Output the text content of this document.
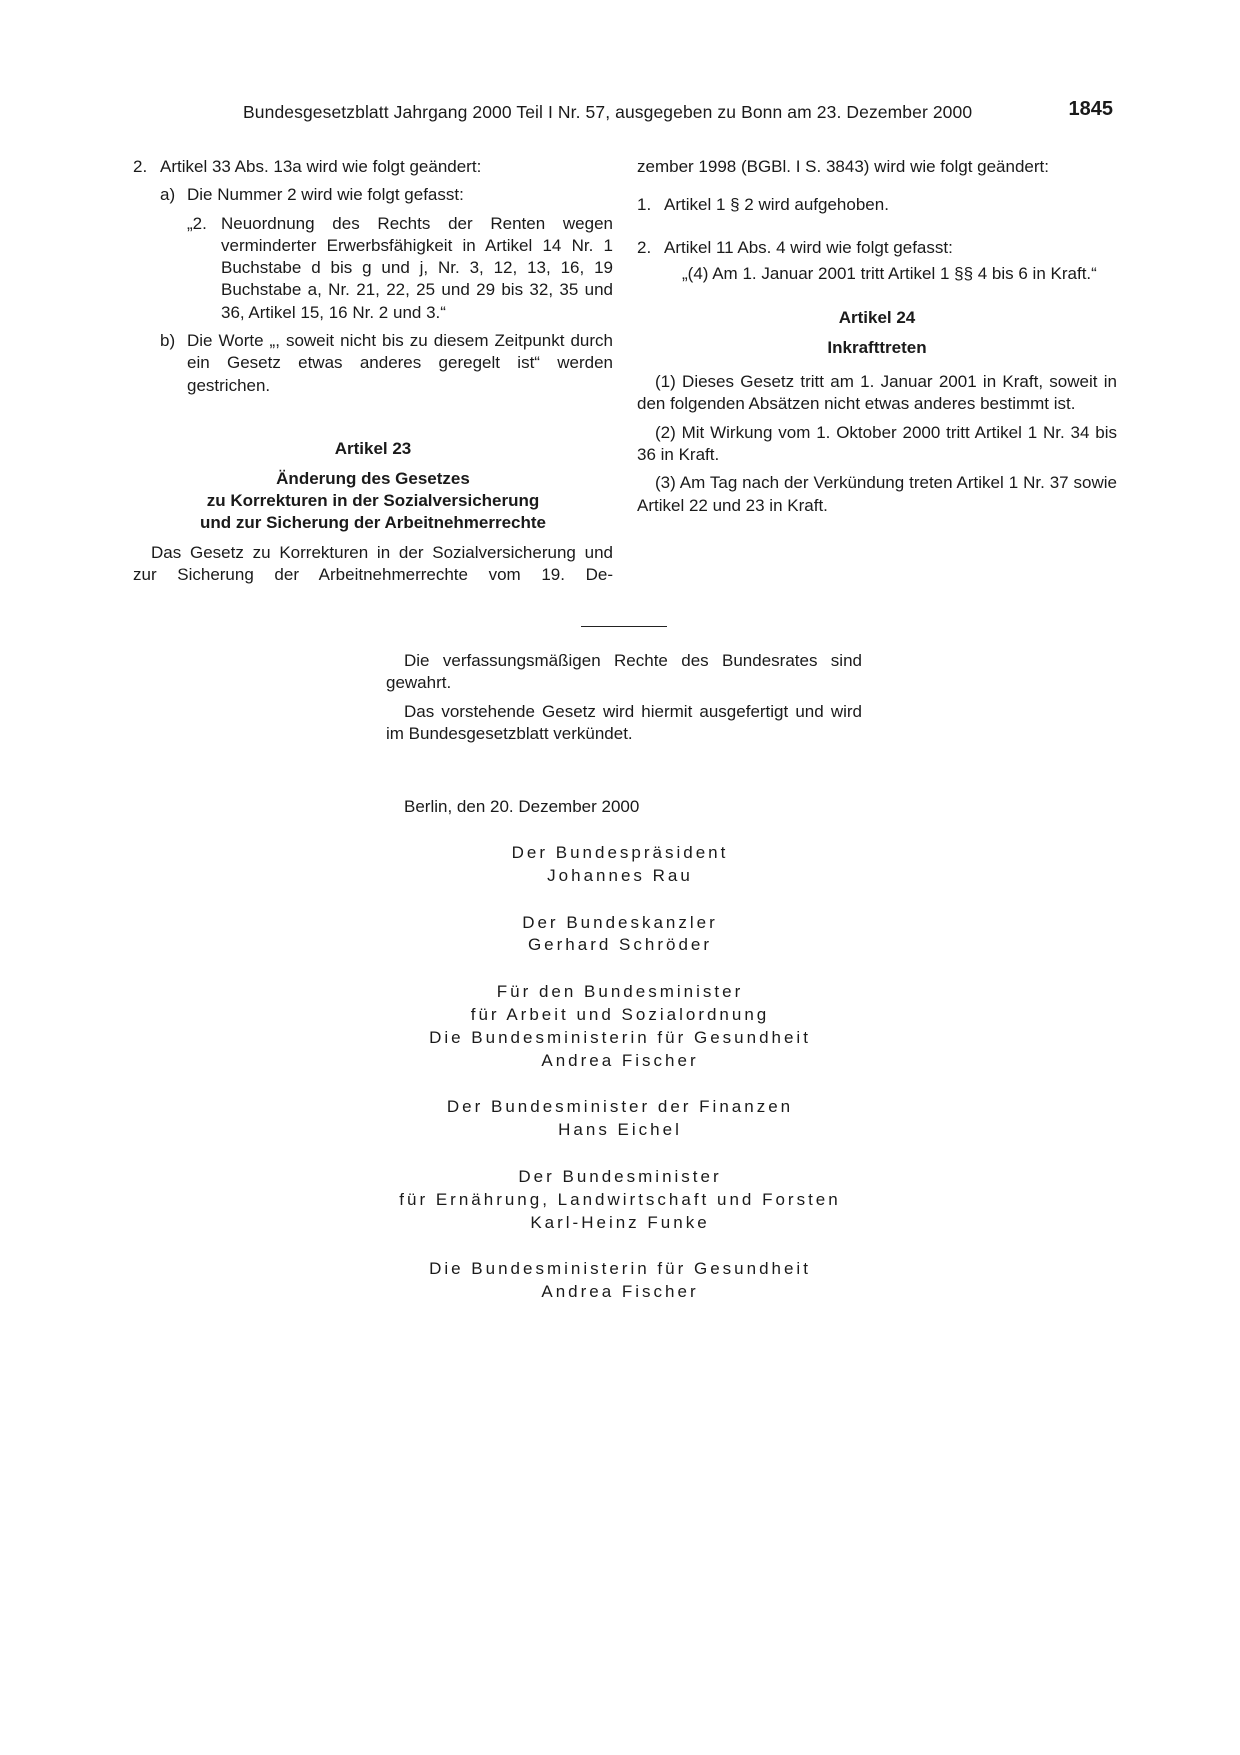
Bundesgesetzblatt Jahrgang 2000 Teil I Nr. 57, ausgegeben zu Bonn am 23. Dezember 2000	1845
2. Artikel 33 Abs. 13a wird wie folgt geändert:

a) Die Nummer 2 wird wie folgt gefasst:

„2. Neuordnung des Rechts der Renten wegen verminderter Erwerbsfähigkeit in Artikel 14 Nr. 1 Buchstabe d bis g und j, Nr. 3, 12, 13, 16, 19 Buchstabe a, Nr. 21, 22, 25 und 29 bis 32, 35 und 36, Artikel 15, 16 Nr. 2 und 3.“

b) Die Worte „, soweit nicht bis zu diesem Zeitpunkt durch ein Gesetz etwas anderes geregelt ist“ werden gestrichen.

Artikel 23

Änderung des Gesetzes

zu Korrekturen in der Sozialversicherung

und zur Sicherung der Arbeitnehmerrechte

Das Gesetz zu Korrekturen in der Sozialversicherung und zur Sicherung der Arbeitnehmerrechte vom 19. De-

zember 1998 (BGBl. I S. 3843) wird wie folgt geändert:

1. Artikel 1 § 2 wird aufgehoben.

2. Artikel 11 Abs. 4 wird wie folgt gefasst:

„(4) Am 1. Januar 2001 tritt Artikel 1 §§ 4 bis 6 in Kraft.“

Artikel 24

Inkrafttreten

(1) Dieses Gesetz tritt am 1. Januar 2001 in Kraft, soweit in den folgenden Absätzen nicht etwas anderes bestimmt ist.

(2) Mit Wirkung vom 1. Oktober 2000 tritt Artikel 1 Nr. 34 bis 36 in Kraft.

(3) Am Tag nach der Verkündung treten Artikel 1 Nr. 37 sowie Artikel 22 und 23 in Kraft.

Die verfassungsmäßigen Rechte des Bundesrates sind gewahrt.

Das vorstehende Gesetz wird hiermit ausgefertigt und wird im Bundesgesetzblatt verkündet.

Berlin, den 20. Dezember 2000
Der Bundespräsident
Johannes Rau
Der Bundeskanzler
Gerhard Schröder
Für den Bundesminister
für Arbeit und Sozialordnung
Die Bundesministerin für Gesundheit
Andrea Fischer
Der Bundesminister der Finanzen
Hans Eichel
Der Bundesminister
für Ernährung, Landwirtschaft und Forsten
Karl-Heinz Funke
Die Bundesministerin für Gesundheit
Andrea Fischer
